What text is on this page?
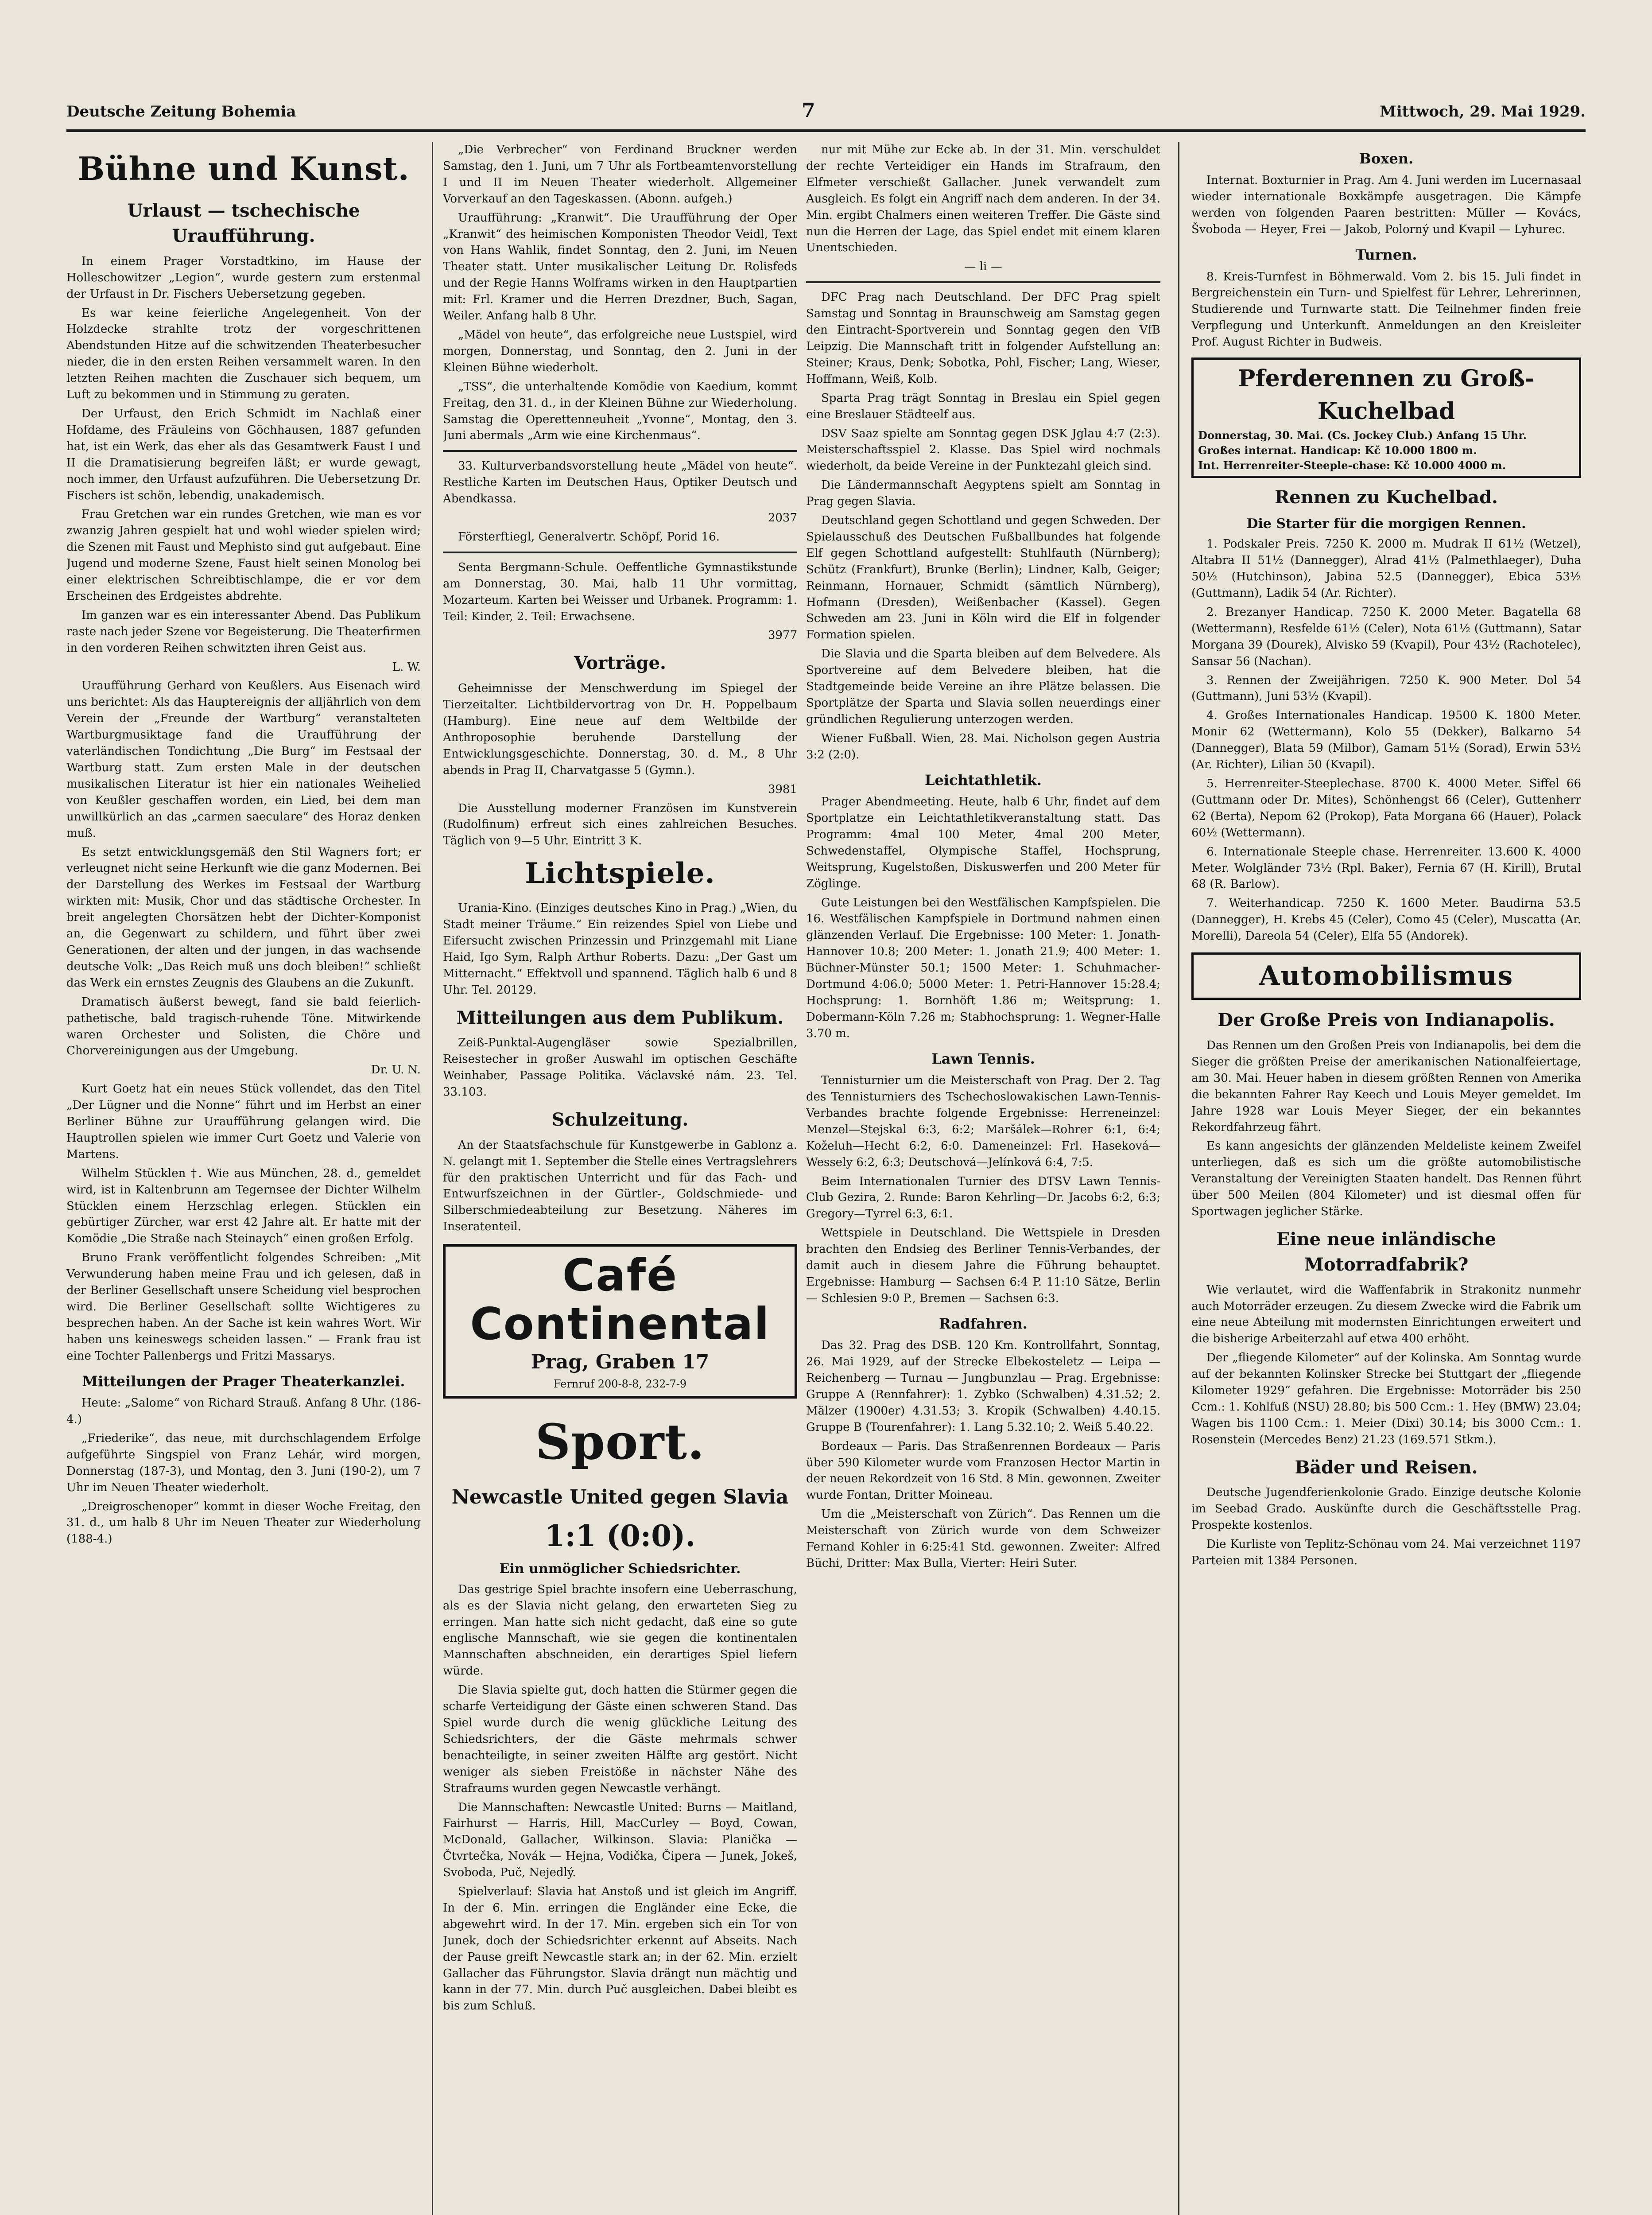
Deutsche Zeitung Bohemia	7	Mittwoch, 29. Mai 1929.
Bühne und Kunst.
Urlaust — tschechische Uraufführung.

In einem Prager Vorstadtkino, im Hause der Holleschowitzer „Legion“, wurde gestern zum erstenmal der Urfaust in Dr. Fischers Uebersetzung gegeben.

Es war keine feierliche Angelegenheit. Von der Holzdecke strahlte trotz der vorgeschrittenen Abendstunden Hitze auf die schwitzenden Theaterbesucher nieder, die in den ersten Reihen versammelt waren. In den letzten Reihen machten die Zuschauer sich bequem, um Luft zu bekommen und in Stimmung zu geraten.

Der Urfaust, den Erich Schmidt im Nachlaß einer Hofdame, des Fräuleins von Göchhausen, 1887 gefunden hat, ist ein Werk, das eher als das Gesamtwerk Faust I und II die Dramatisierung begreifen läßt; er wurde gewagt, noch immer, den Urfaust aufzuführen. Die Uebersetzung Dr. Fischers ist schön, lebendig, unakademisch.

Frau Gretchen war ein rundes Gretchen, wie man es vor zwanzig Jahren gespielt hat und wohl wieder spielen wird; die Szenen mit Faust und Mephisto sind gut aufgebaut. Eine Jugend und moderne Szene, Faust hielt seinen Monolog bei einer elektrischen Schreibtischlampe, die er vor dem Erscheinen des Erdgeistes abdrehte.

Im ganzen war es ein interessanter Abend. Das Publikum raste nach jeder Szene vor Begeisterung. Die Theaterfirmen in den vorderen Reihen schwitzten ihren Geist aus.

L. W.

Uraufführung Gerhard von Keußlers. Aus Eisenach wird uns berichtet: Als das Hauptereignis der alljährlich von dem Verein der „Freunde der Wartburg“ veranstalteten Wartburgmusiktage fand die Uraufführung der vaterländischen Tondichtung „Die Burg“ im Festsaal der Wartburg statt. Zum ersten Male in der deutschen musikalischen Literatur ist hier ein nationales Weihelied von Keußler geschaffen worden, ein Lied, bei dem man unwillkürlich an das „carmen saeculare“ des Horaz denken muß.

Es setzt entwicklungsgemäß den Stil Wagners fort; er verleugnet nicht seine Herkunft wie die ganz Modernen. Bei der Darstellung des Werkes im Festsaal der Wartburg wirkten mit: Musik, Chor und das städtische Orchester. In breit angelegten Chorsätzen hebt der Dichter-Komponist an, die Gegenwart zu schildern, und führt über zwei Generationen, der alten und der jungen, in das wachsende deutsche Volk: „Das Reich muß uns doch bleiben!“ schließt das Werk ein ernstes Zeugnis des Glaubens an die Zukunft.

Dramatisch äußerst bewegt, fand sie bald feierlich-pathetische, bald tragisch-ruhende Töne. Mitwirkende waren Orchester und Solisten, die Chöre und Chorvereinigungen aus der Umgebung.

Dr. U. N.

Kurt Goetz hat ein neues Stück vollendet, das den Titel „Der Lügner und die Nonne“ führt und im Herbst an einer Berliner Bühne zur Uraufführung gelangen wird. Die Hauptrollen spielen wie immer Curt Goetz und Valerie von Martens.

Wilhelm Stücklen †. Wie aus München, 28. d., gemeldet wird, ist in Kaltenbrunn am Tegernsee der Dichter Wilhelm Stücklen einem Herzschlag erlegen. Stücklen ein gebürtiger Zürcher, war erst 42 Jahre alt. Er hatte mit der Komödie „Die Straße nach Steinaych“ einen großen Erfolg.

Bruno Frank veröffentlicht folgendes Schreiben: „Mit Verwunderung haben meine Frau und ich gelesen, daß in der Berliner Gesellschaft unsere Scheidung viel besprochen wird. Die Berliner Gesellschaft sollte Wichtigeres zu besprechen haben. An der Sache ist kein wahres Wort. Wir haben uns keineswegs scheiden lassen.“ — Frank frau ist eine Tochter Pallenbergs und Fritzi Massarys.

Mitteilungen der Prager Theaterkanzlei.

Heute: „Salome“ von Richard Strauß. Anfang 8 Uhr. (186-4.)

„Friederike“, das neue, mit durchschlagendem Erfolge aufgeführte Singspiel von Franz Lehár, wird morgen, Donnerstag (187-3), und Montag, den 3. Juni (190-2), um 7 Uhr im Neuen Theater wiederholt.

„Dreigroschenoper“ kommt in dieser Woche Freitag, den 31. d., um halb 8 Uhr im Neuen Theater zur Wiederholung (188-4.)

„Die Verbrecher“ von Ferdinand Bruckner werden Samstag, den 1. Juni, um 7 Uhr als Fortbeamtenvorstellung I und II im Neuen Theater wiederholt. Allgemeiner Vorverkauf an den Tageskassen. (Abonn. aufgeh.)

Uraufführung: „Kranwit“. Die Uraufführung der Oper „Kranwit“ des heimischen Komponisten Theodor Veidl, Text von Hans Wahlik, findet Sonntag, den 2. Juni, im Neuen Theater statt. Unter musikalischer Leitung Dr. Rolisfeds und der Regie Hanns Wolframs wirken in den Hauptpartien mit: Frl. Kramer und die Herren Drezdner, Buch, Sagan, Weiler. Anfang halb 8 Uhr.

„Mädel von heute“, das erfolgreiche neue Lustspiel, wird morgen, Donnerstag, und Sonntag, den 2. Juni in der Kleinen Bühne wiederholt.

„TSS“, die unterhaltende Komödie von Kaedium, kommt Freitag, den 31. d., in der Kleinen Bühne zur Wiederholung. Samstag die Operettenneuheit „Yvonne“, Montag, den 3. Juni abermals „Arm wie eine Kirchenmaus“.

33. Kulturverbandsvorstellung heute „Mädel von heute“. Restliche Karten im Deutschen Haus, Optiker Deutsch und Abendkassa.

2037

Försterftiegl, Generalvertr. Schöpf, Porid 16.

Senta Bergmann-Schule. Oeffentliche Gymnastikstunde am Donnerstag, 30. Mai, halb 11 Uhr vormittag, Mozarteum. Karten bei Weisser und Urbanek. Programm: 1. Teil: Kinder, 2. Teil: Erwachsene.

3977

Vorträge.

Geheimnisse der Menschwerdung im Spiegel der Tierzeitalter. Lichtbildervortrag von Dr. H. Poppelbaum (Hamburg). Eine neue auf dem Weltbilde der Anthroposophie beruhende Darstellung der Entwicklungsgeschichte. Donnerstag, 30. d. M., 8 Uhr abends in Prag II, Charvatgasse 5 (Gymn.).

3981

Die Ausstellung moderner Französen im Kunstverein (Rudolfinum) erfreut sich eines zahlreichen Besuches. Täglich von 9—5 Uhr. Eintritt 3 K.

Lichtspiele.

Urania-Kino. (Einziges deutsches Kino in Prag.) „Wien, du Stadt meiner Träume.“ Ein reizendes Spiel von Liebe und Eifersucht zwischen Prinzessin und Prinzgemahl mit Liane Haid, Igo Sym, Ralph Arthur Roberts. Dazu: „Der Gast um Mitternacht.“ Effektvoll und spannend. Täglich halb 6 und 8 Uhr. Tel. 20129.

Mitteilungen aus dem Publikum.

Zeiß-Punktal-Augengläser sowie Spezialbrillen, Reisestecher in großer Auswahl im optischen Geschäfte Weinhaber, Passage Politika. Václavské nám. 23. Tel. 33.103.

Schulzeitung.

An der Staatsfachschule für Kunstgewerbe in Gablonz a. N. gelangt mit 1. September die Stelle eines Vertragslehrers für den praktischen Unterricht und für das Fach- und Entwurfszeichnen in der Gürtler-, Goldschmiede- und Silberschmiedeabteilung zur Besetzung. Näheres im Inseratenteil.

Café Continental
Prag, Graben 17
Fernruf 200-8-8, 232-7-9
Sport.
Newcastle United gegen Slavia
1:1 (0:0).
Ein unmöglicher Schiedsrichter.

Das gestrige Spiel brachte insofern eine Ueberraschung, als es der Slavia nicht gelang, den erwarteten Sieg zu erringen. Man hatte sich nicht gedacht, daß eine so gute englische Mannschaft, wie sie gegen die kontinentalen Mannschaften abschneiden, ein derartiges Spiel liefern würde.

Die Slavia spielte gut, doch hatten die Stürmer gegen die scharfe Verteidigung der Gäste einen schweren Stand. Das Spiel wurde durch die wenig glückliche Leitung des Schiedsrichters, der die Gäste mehrmals schwer benachteiligte, in seiner zweiten Hälfte arg gestört. Nicht weniger als sieben Freistöße in nächster Nähe des Strafraums wurden gegen Newcastle verhängt.

Die Mannschaften: Newcastle United: Burns — Maitland, Fairhurst — Harris, Hill, MacCurley — Boyd, Cowan, McDonald, Gallacher, Wilkinson. Slavia: Planička — Čtvrtečka, Novák — Hejna, Vodička, Čipera — Junek, Jokeš, Svoboda, Puč, Nejedlý.

Spielverlauf: Slavia hat Anstoß und ist gleich im Angriff. In der 6. Min. erringen die Engländer eine Ecke, die abgewehrt wird. In der 17. Min. ergeben sich ein Tor von Junek, doch der Schiedsrichter erkennt auf Abseits. Nach der Pause greift Newcastle stark an; in der 62. Min. erzielt Gallacher das Führungstor. Slavia drängt nun mächtig und kann in der 77. Min. durch Puč ausgleichen. Dabei bleibt es bis zum Schluß.

nur mit Mühe zur Ecke ab. In der 31. Min. verschuldet der rechte Verteidiger ein Hands im Strafraum, den Elfmeter verschießt Gallacher. Junek verwandelt zum Ausgleich. Es folgt ein Angriff nach dem anderen. In der 34. Min. ergibt Chalmers einen weiteren Treffer. Die Gäste sind nun die Herren der Lage, das Spiel endet mit einem klaren Unentschieden.

— li —

DFC Prag nach Deutschland. Der DFC Prag spielt Samstag und Sonntag in Braunschweig am Samstag gegen den Eintracht-Sportverein und Sonntag gegen den VfB Leipzig. Die Mannschaft tritt in folgender Aufstellung an: Steiner; Kraus, Denk; Sobotka, Pohl, Fischer; Lang, Wieser, Hoffmann, Weiß, Kolb.

Sparta Prag trägt Sonntag in Breslau ein Spiel gegen eine Breslauer Städteelf aus.

DSV Saaz spielte am Sonntag gegen DSK Jglau 4:7 (2:3). Meisterschaftsspiel 2. Klasse. Das Spiel wird nochmals wiederholt, da beide Vereine in der Punktezahl gleich sind.

Die Ländermannschaft Aegyptens spielt am Sonntag in Prag gegen Slavia.

Deutschland gegen Schottland und gegen Schweden. Der Spielausschuß des Deutschen Fußballbundes hat folgende Elf gegen Schottland aufgestellt: Stuhlfauth (Nürnberg); Schütz (Frankfurt), Brunke (Berlin); Lindner, Kalb, Geiger; Reinmann, Hornauer, Schmidt (sämtlich Nürnberg), Hofmann (Dresden), Weißenbacher (Kassel). Gegen Schweden am 23. Juni in Köln wird die Elf in folgender Formation spielen.

Die Slavia und die Sparta bleiben auf dem Belvedere. Als Sportvereine auf dem Belvedere bleiben, hat die Stadtgemeinde beide Vereine an ihre Plätze belassen. Die Sportplätze der Sparta und Slavia sollen neuerdings einer gründlichen Regulierung unterzogen werden.

Wiener Fußball. Wien, 28. Mai. Nicholson gegen Austria 3:2 (2:0).

Leichtathletik.

Prager Abendmeeting. Heute, halb 6 Uhr, findet auf dem Sportplatze ein Leichtathletikveranstaltung statt. Das Programm: 4mal 100 Meter, 4mal 200 Meter, Schwedenstaffel, Olympische Staffel, Hochsprung, Weitsprung, Kugelstoßen, Diskuswerfen und 200 Meter für Zöglinge.

Gute Leistungen bei den Westfälischen Kampfspielen. Die 16. Westfälischen Kampfspiele in Dortmund nahmen einen glänzenden Verlauf. Die Ergebnisse: 100 Meter: 1. Jonath-Hannover 10.8; 200 Meter: 1. Jonath 21.9; 400 Meter: 1. Büchner-Münster 50.1; 1500 Meter: 1. Schuhmacher-Dortmund 4:06.0; 5000 Meter: 1. Petri-Hannover 15:28.4; Hochsprung: 1. Bornhöft 1.86 m; Weitsprung: 1. Dobermann-Köln 7.26 m; Stabhochsprung: 1. Wegner-Halle 3.70 m.

Lawn Tennis.

Tennisturnier um die Meisterschaft von Prag. Der 2. Tag des Tennisturniers des Tschechoslowakischen Lawn-Tennis-Verbandes brachte folgende Ergebnisse: Herreneinzel: Menzel—Stejskal 6:3, 6:2; Maršálek—Rohrer 6:1, 6:4; Koželuh—Hecht 6:2, 6:0. Dameneinzel: Frl. Haseková—Wessely 6:2, 6:3; Deutschová—Jelínková 6:4, 7:5.

Beim Internationalen Turnier des DTSV Lawn Tennis-Club Gezira, 2. Runde: Baron Kehrling—Dr. Jacobs 6:2, 6:3; Gregory—Tyrrel 6:3, 6:1.

Wettspiele in Deutschland. Die Wettspiele in Dresden brachten den Endsieg des Berliner Tennis-Verbandes, der damit auch in diesem Jahre die Führung behauptet. Ergebnisse: Hamburg — Sachsen 6:4 P. 11:10 Sätze, Berlin — Schlesien 9:0 P., Bremen — Sachsen 6:3.

Radfahren.

Das 32. Prag des DSB. 120 Km. Kontrollfahrt, Sonntag, 26. Mai 1929, auf der Strecke Elbekosteletz — Leipa — Reichenberg — Turnau — Jungbunzlau — Prag. Ergebnisse: Gruppe A (Rennfahrer): 1. Zybko (Schwalben) 4.31.52; 2. Mälzer (1900er) 4.31.53; 3. Kropik (Schwalben) 4.40.15. Gruppe B (Tourenfahrer): 1. Lang 5.32.10; 2. Weiß 5.40.22.

Bordeaux — Paris. Das Straßenrennen Bordeaux — Paris über 590 Kilometer wurde vom Franzosen Hector Martin in der neuen Rekordzeit von 16 Std. 8 Min. gewonnen. Zweiter wurde Fontan, Dritter Moineau.

Um die „Meisterschaft von Zürich“. Das Rennen um die Meisterschaft von Zürich wurde von dem Schweizer Fernand Kohler in 6:25:41 Std. gewonnen. Zweiter: Alfred Büchi, Dritter: Max Bulla, Vierter: Heiri Suter.

Boxen.

Internat. Boxturnier in Prag. Am 4. Juni werden im Lucernasaal wieder internationale Boxkämpfe ausgetragen. Die Kämpfe werden von folgenden Paaren bestritten: Müller — Kovács, Švoboda — Heyer, Frei — Jakob, Polorný und Kvapil — Lyhurec.

Turnen.

8. Kreis-Turnfest in Böhmerwald. Vom 2. bis 15. Juli findet in Bergreichenstein ein Turn- und Spielfest für Lehrer, Lehrerinnen, Studierende und Turnwarte statt. Die Teilnehmer finden freie Verpflegung und Unterkunft. Anmeldungen an den Kreisleiter Prof. August Richter in Budweis.

Pferderennen zu Groß-Kuchelbad
Donnerstag, 30. Mai. (Cs. Jockey Club.) Anfang 15 Uhr.
Großes internat. Handicap: Kč 10.000 1800 m.
Int. Herrenreiter-Steeple-chase: Kč 10.000 4000 m.
Rennen zu Kuchelbad.
Die Starter für die morgigen Rennen.

1. Podskaler Preis. 7250 K. 2000 m. Mudrak II 61½ (Wetzel), Altabra II 51½ (Dannegger), Alrad 41½ (Palmethlaeger), Duha 50½ (Hutchinson), Jabina 52.5 (Dannegger), Ebica 53½ (Guttmann), Ladik 54 (Ar. Richter).

2. Brezanyer Handicap. 7250 K. 2000 Meter. Bagatella 68 (Wettermann), Resfelde 61½ (Celer), Nota 61½ (Guttmann), Satar Morgana 39 (Dourek), Alvisko 59 (Kvapil), Pour 43½ (Rachotelec), Sansar 56 (Nachan).

3. Rennen der Zweijährigen. 7250 K. 900 Meter. Dol 54 (Guttmann), Juni 53½ (Kvapil).

4. Großes Internationales Handicap. 19500 K. 1800 Meter. Monir 62 (Wettermann), Kolo 55 (Dekker), Balkarno 54 (Dannegger), Blata 59 (Milbor), Gamam 51½ (Sorad), Erwin 53½ (Ar. Richter), Lilian 50 (Kvapil).

5. Herrenreiter-Steeplechase. 8700 K. 4000 Meter. Siffel 66 (Guttmann oder Dr. Mites), Schönhengst 66 (Celer), Guttenherr 62 (Berta), Nepom 62 (Prokop), Fata Morgana 66 (Hauer), Polack 60½ (Wettermann).

6. Internationale Steeple chase. Herrenreiter. 13.600 K. 4000 Meter. Wolgländer 73½ (Rpl. Baker), Fernia 67 (H. Kirill), Brutal 68 (R. Barlow).

7. Weiterhandicap. 7250 K. 1600 Meter. Baudirna 53.5 (Dannegger), H. Krebs 45 (Celer), Como 45 (Celer), Muscatta (Ar. Morelli), Dareola 54 (Celer), Elfa 55 (Andorek).

Automobilismus
Der Große Preis von Indianapolis.

Das Rennen um den Großen Preis von Indianapolis, bei dem die Sieger die größten Preise der amerikanischen Nationalfeiertage, am 30. Mai. Heuer haben in diesem größten Rennen von Amerika die bekannten Fahrer Ray Keech und Louis Meyer gemeldet. Im Jahre 1928 war Louis Meyer Sieger, der ein bekanntes Rekordfahrzeug fährt.

Es kann angesichts der glänzenden Meldeliste keinem Zweifel unterliegen, daß es sich um die größte automobilistische Veranstaltung der Vereinigten Staaten handelt. Das Rennen führt über 500 Meilen (804 Kilometer) und ist diesmal offen für Sportwagen jeglicher Stärke.

Eine neue inländische Motorradfabrik?

Wie verlautet, wird die Waffenfabrik in Strakonitz nunmehr auch Motorräder erzeugen. Zu diesem Zwecke wird die Fabrik um eine neue Abteilung mit modernsten Einrichtungen erweitert und die bisherige Arbeiterzahl auf etwa 400 erhöht.

Der „fliegende Kilometer“ auf der Kolinska. Am Sonntag wurde auf der bekannten Kolinsker Strecke bei Stuttgart der „fliegende Kilometer 1929“ gefahren. Die Ergebnisse: Motorräder bis 250 Ccm.: 1. Kohlfuß (NSU) 28.80; bis 500 Ccm.: 1. Hey (BMW) 23.04; Wagen bis 1100 Ccm.: 1. Meier (Dixi) 30.14; bis 3000 Ccm.: 1. Rosenstein (Mercedes Benz) 21.23 (169.571 Stkm.).

Bäder und Reisen.

Deutsche Jugendferienkolonie Grado. Einzige deutsche Kolonie im Seebad Grado. Auskünfte durch die Geschäftsstelle Prag. Prospekte kostenlos.

Die Kurliste von Teplitz-Schönau vom 24. Mai verzeichnet 1197 Parteien mit 1384 Personen.
